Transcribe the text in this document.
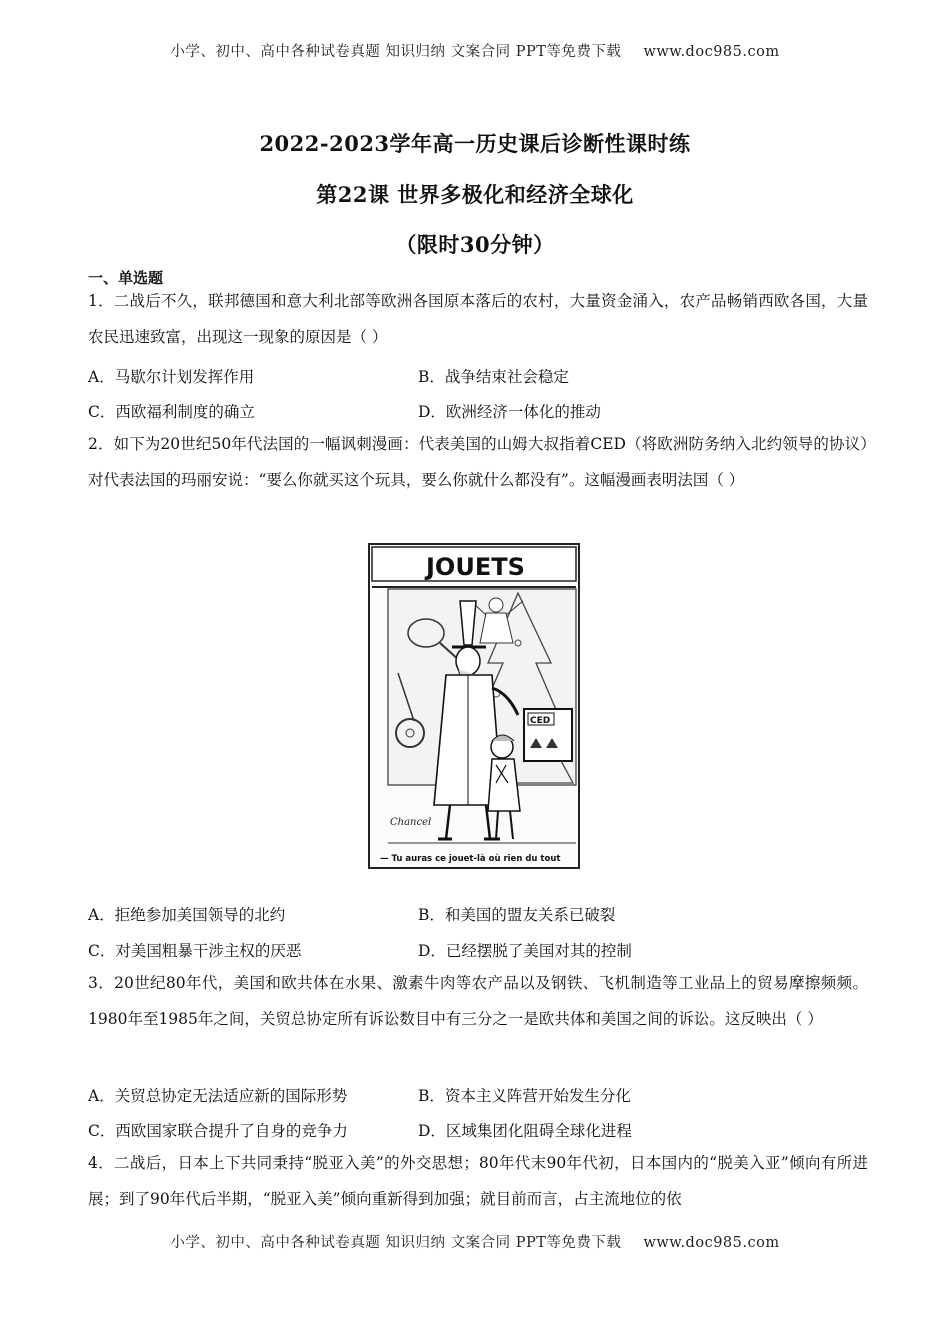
小学、初中、高中各种试卷真题 知识归纳 文案合同 PPT等免费下载 www.doc985.com
2022-2023学年高一历史课后诊断性课时练
第22课 世界多极化和经济全球化
（限时30分钟）
一、单选题
1．二战后不久，联邦德国和意大利北部等欧洲各国原本落后的农村，大量资金涌入，农产品畅销西欧各国，大量农民迅速致富，出现这一现象的原因是（ ）
A．马歇尔计划发挥作用	B．战争结束社会稳定
C．西欧福利制度的确立	D．欧洲经济一体化的推动
2．如下为20世纪50年代法国的一幅讽刺漫画：代表美国的山姆大叔指着CED（将欧洲防务纳入北约领导的协议）对代表法国的玛丽安说：“要么你就买这个玩具，要么你就什么都没有”。这幅漫画表明法国（ ）
JOUETS
CED
Chancel
— Tu auras ce jouet-là où rien du tout
A．拒绝参加美国领导的北约	B．和美国的盟友关系已破裂
C．对美国粗暴干涉主权的厌恶	D．已经摆脱了美国对其的控制
3．20世纪80年代，美国和欧共体在水果、激素牛肉等农产品以及钢铁、飞机制造等工业品上的贸易摩擦频频。1980年至1985年之间，关贸总协定所有诉讼数目中有三分之一是欧共体和美国之间的诉讼。这反映出（ ）
A．关贸总协定无法适应新的国际形势	B．资本主义阵营开始发生分化
C．西欧国家联合提升了自身的竞争力	D．区域集团化阻碍全球化进程
4．二战后，日本上下共同秉持“脱亚入美”的外交思想；80年代末90年代初，日本国内的“脱美入亚”倾向有所进展；到了90年代后半期，“脱亚入美”倾向重新得到加强；就目前而言，占主流地位的依
小学、初中、高中各种试卷真题 知识归纳 文案合同 PPT等免费下载 www.doc985.com
